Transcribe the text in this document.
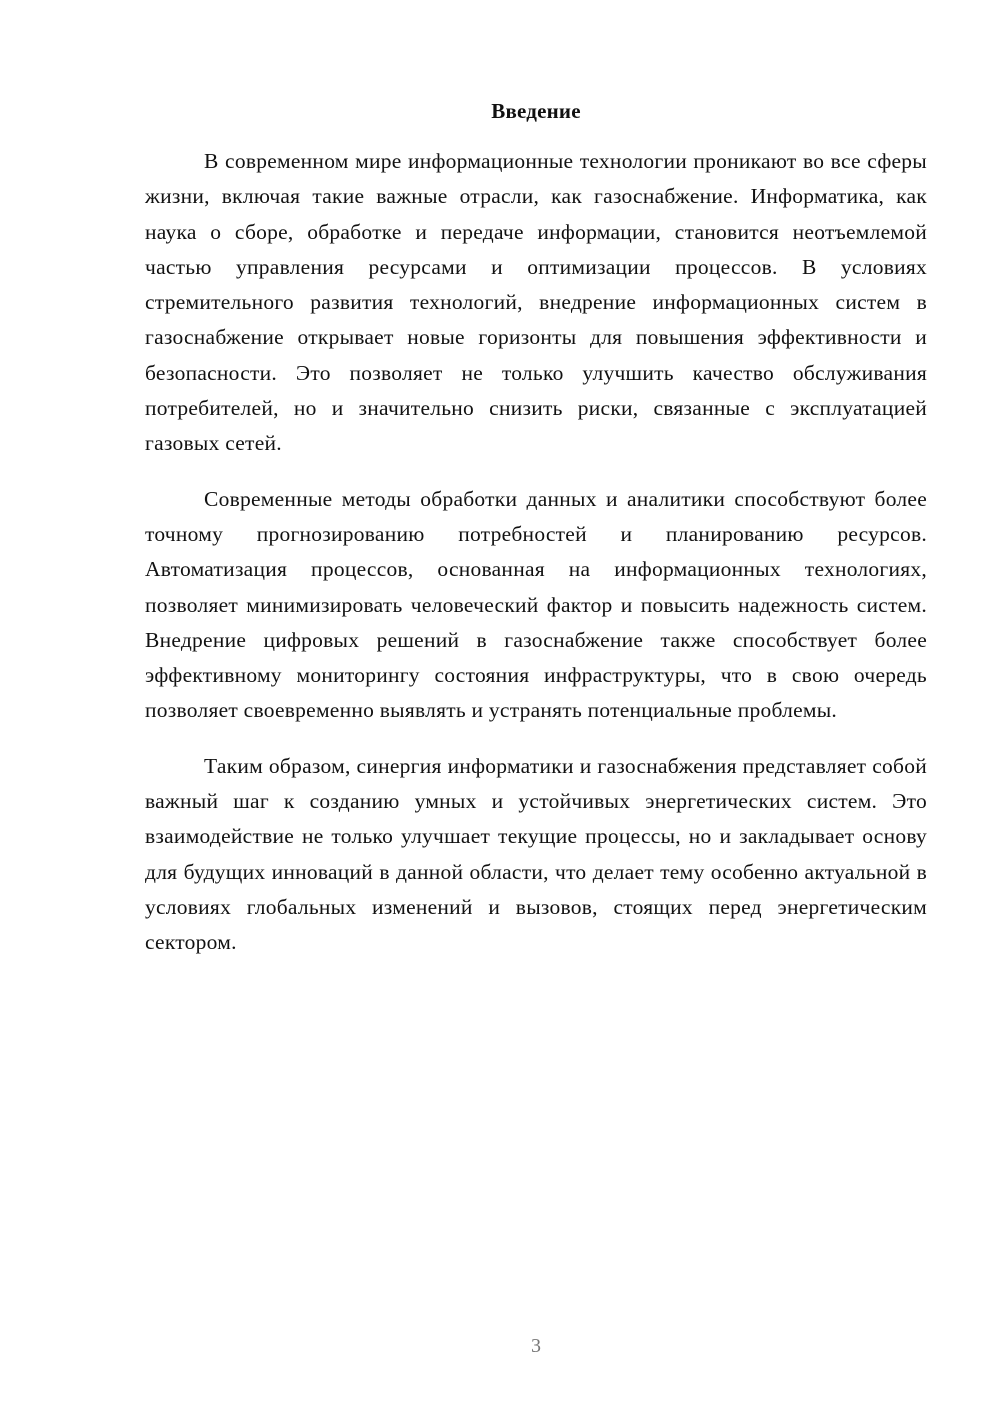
Введение

В современном мире информационные технологии проникают во все сферы жизни, включая такие важные отрасли, как газоснабжение. Информатика, как наука о сборе, обработке и передаче информации, становится неотъемлемой частью управления ресурсами и оптимизации процессов. В условиях стремительного развития технологий, внедрение информационных систем в газоснабжение открывает новые горизонты для повышения эффективности и безопасности. Это позволяет не только улучшить качество обслуживания потребителей, но и значительно снизить риски, связанные с эксплуатацией газовых сетей.

Современные методы обработки данных и аналитики способствуют более точному прогнозированию потребностей и планированию ресурсов. Автоматизация процессов, основанная на информационных технологиях, позволяет минимизировать человеческий фактор и повысить надежность систем. Внедрение цифровых решений в газоснабжение также способствует более эффективному мониторингу состояния инфраструктуры, что в свою очередь позволяет своевременно выявлять и устранять потенциальные проблемы.

Таким образом, синергия информатики и газоснабжения представляет собой важный шаг к созданию умных и устойчивых энергетических систем. Это взаимодействие не только улучшает текущие процессы, но и закладывает основу для будущих инноваций в данной области, что делает тему особенно актуальной в условиях глобальных изменений и вызовов, стоящих перед энергетическим сектором.

3
